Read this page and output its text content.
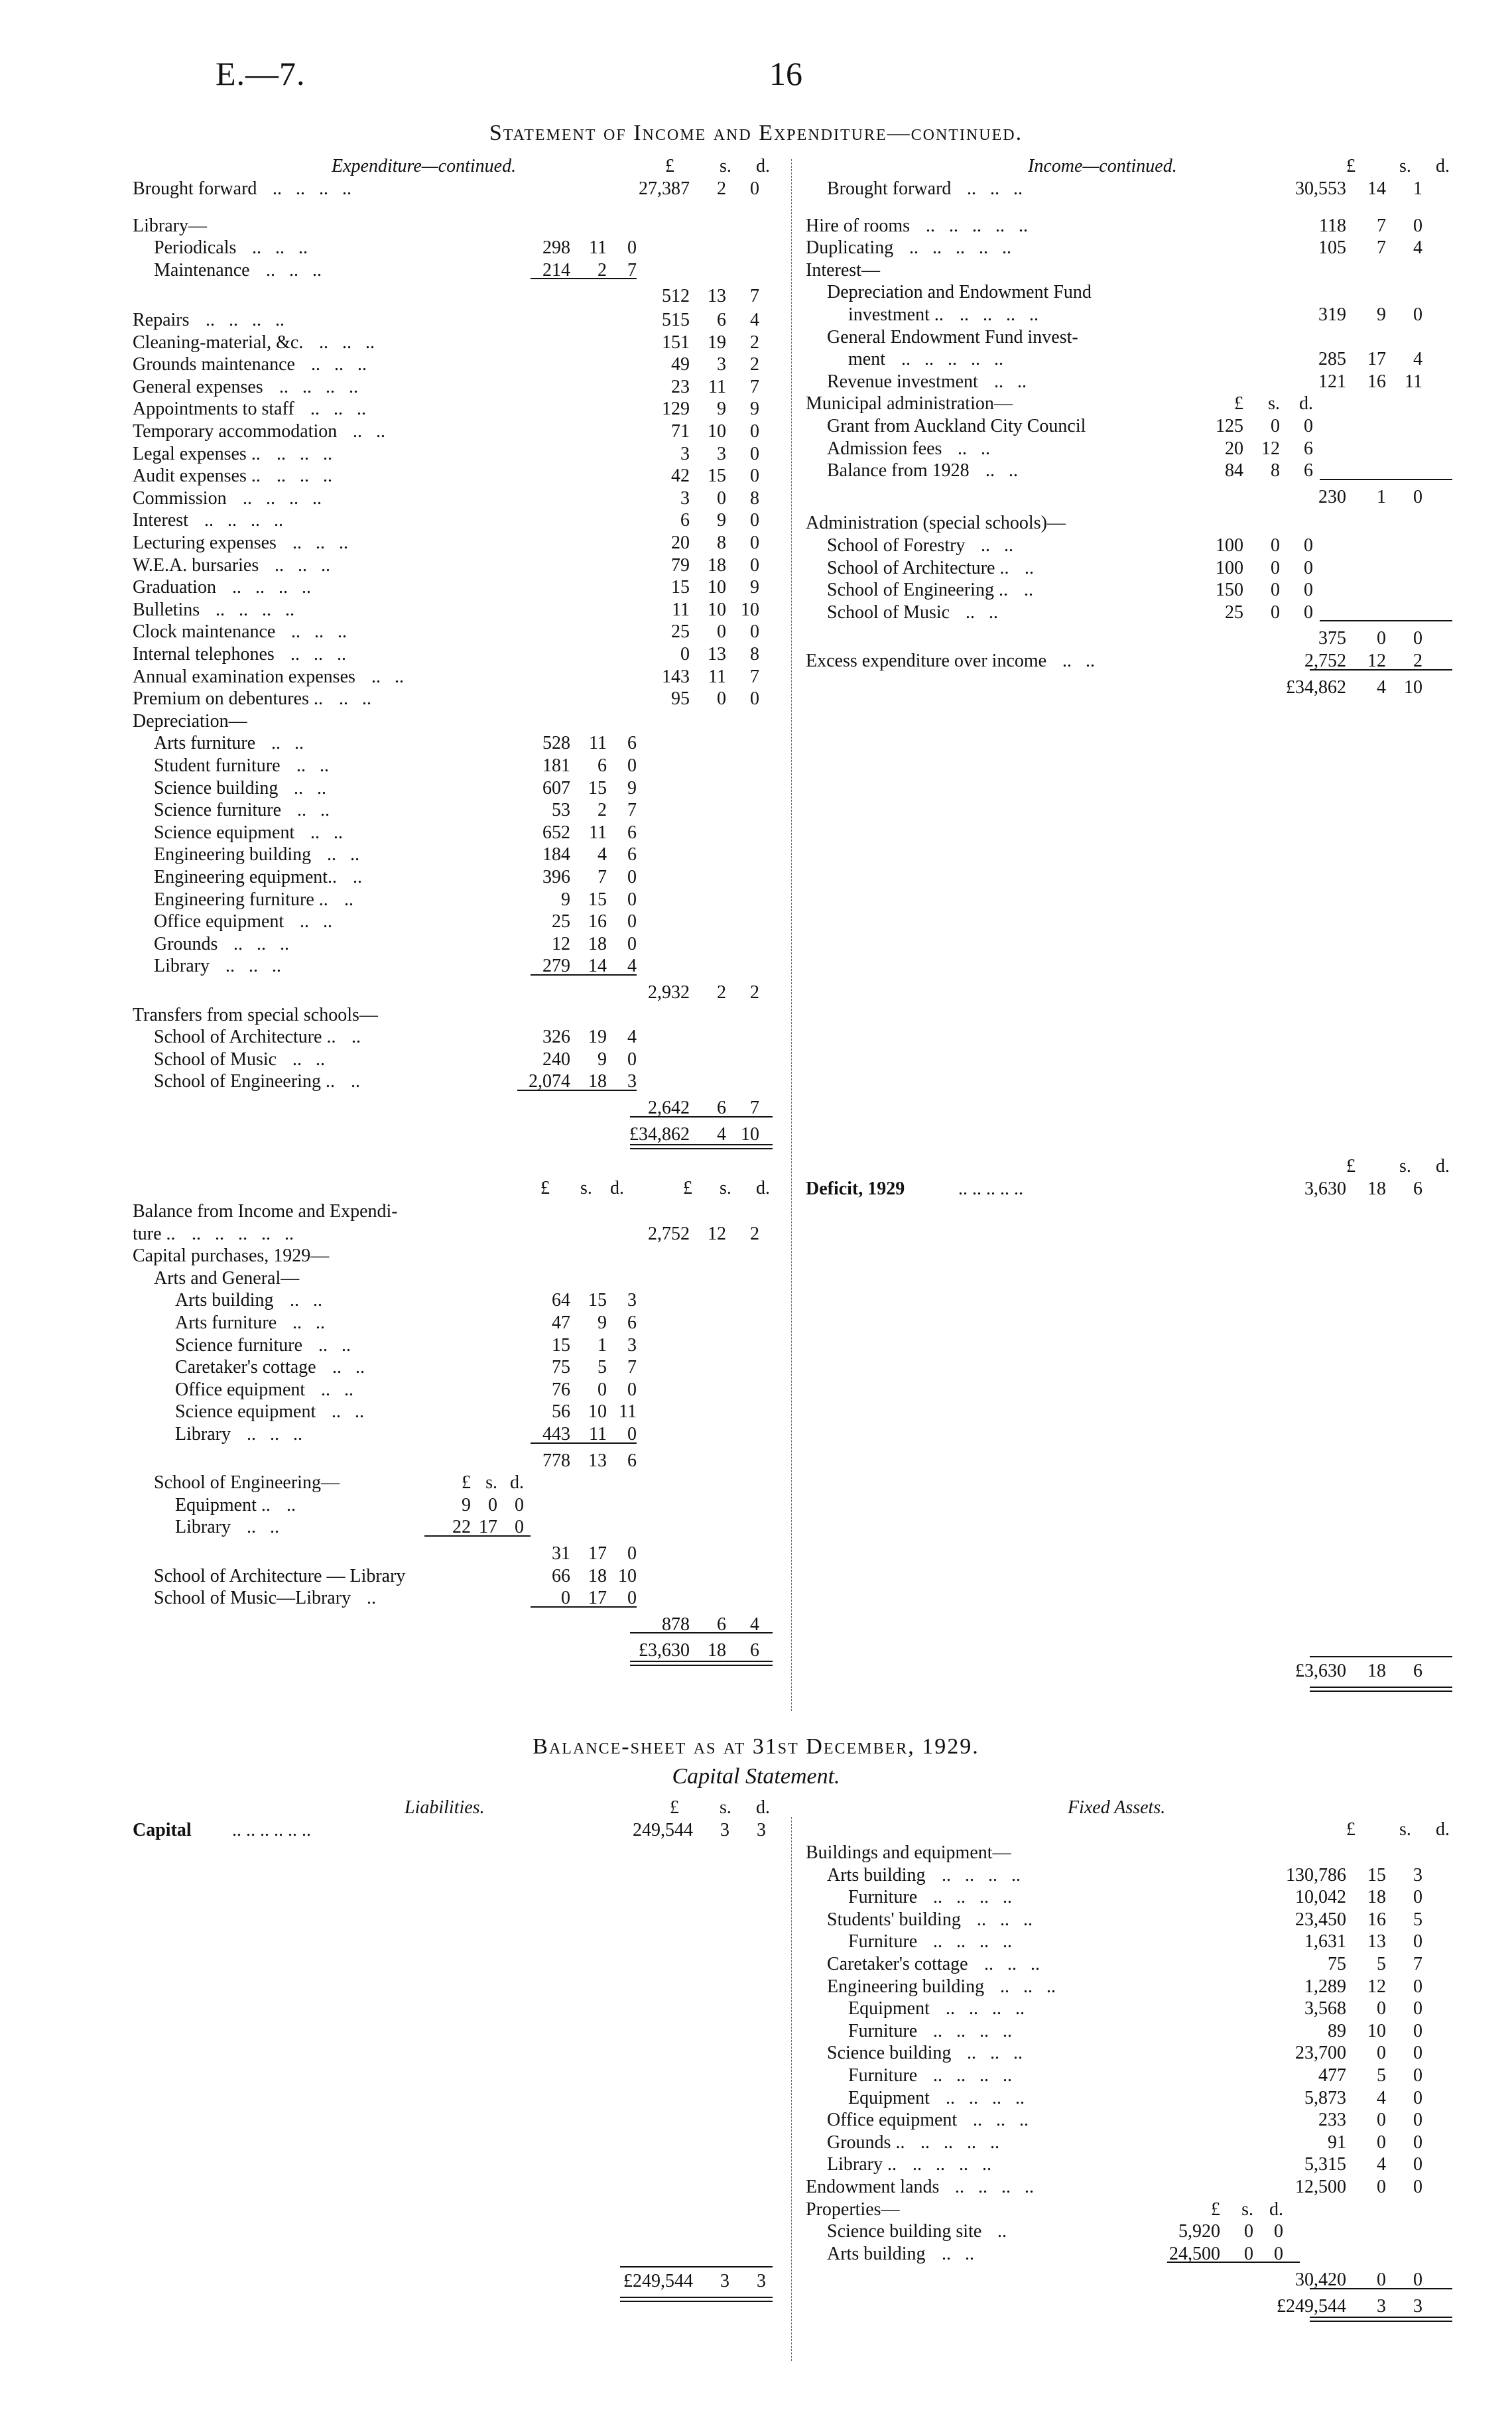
E.—7.	16
Statement of Income and Expenditure—continued.
Expenditure—continued.	£ s. d.	Income—continued.	£ s. d.
Brought forward ..   ..   ..   ..	27,387	2	0
Library—
Periodicals ..   ..   ..	298	11	0
Maintenance ..   ..   ..	214	2	7
512 13	7
Repairs ..   ..   ..   ..	515	6	4
Cleaning-material, &c. ..   ..   ..	151 19	2
Grounds maintenance ..   ..   ..	49	3	2
General expenses ..   ..   ..   ..	23	11	7
Appointments to staff ..   ..   ..	129	9	9
Temporary accommodation ..   ..	71 10	0
Legal expenses .. ..   ..   ..	3	3	0
Audit expenses .. ..   ..   ..	42 15	0
Commission ..   ..   ..   ..	3	0	8
Interest ..   ..   ..   ..	6	9	0
Lecturing expenses ..   ..   ..	20	8	0
W.E.A. bursaries ..   ..   ..	79 18	0
Graduation ..   ..   ..   ..	15 10	9
Bulletins ..   ..   ..   ..	11 10 10
Clock maintenance ..   ..   ..	25	0	0
Internal telephones ..   ..   ..	0 13	8
Annual examination expenses ..   ..	143	11	7
Premium on debentures .. ..   ..	95	0	0
Depreciation—
Arts furniture ..   ..	528	11	6
Student furniture ..   ..	181	6	0
Science building ..   ..	607 15	9
Science furniture ..   ..	53	2	7
Science equipment ..   ..	652	11	6
Engineering building ..   ..	184	4	6
Engineering equipment.. ..	396	7	0
Engineering furniture .. ..	9 15	0
Office equipment ..   ..	25 16	0
Grounds ..   ..   ..	12 18	0
Library ..   ..   ..	279 14	4
2,932	2	2
Transfers from special schools—
School of Architecture .. ..	326 19	4
School of Music ..   ..	240	9	0
School of Engineering .. ..	2,074 18	3
2,642	6	7
£34,862	4 10
Brought forward ..   ..   ..	30,553	14	1
Hire of rooms ..   ..   ..   ..   ..	118	7	0
Duplicating ..   ..   ..   ..   ..	105	7	4
Interest—
Depreciation and Endowment Fund
investment .. ..   ..   ..   ..	319	9	0
General Endowment Fund invest-
ment ..   ..   ..   ..   ..	285	17	4
Revenue investment ..   ..	121	16	11
Municipal administration—	£	s.	d.
Grant from Auckland City Council	125	0	0
Admission fees ..   ..	20 12	6
Balance from 1928 ..   ..	84	8	6
230	1	0
Administration (special schools)—
School of Forestry ..   ..	100	0	0
School of Architecture .. ..	100	0	0
School of Engineering .. ..	150	0	0
School of Music ..   ..	25	0	0
375	0	0
Excess expenditure over income ..   ..	2,752	12	2
£34,862	4 10
£ s. d.	£ s. d.
Balance from Income and Expendi-
ture .. ..   ..   ..   ..   ..	2,752 12	2
Capital purchases, 1929—
Arts and General—
Arts building ..   ..	64 15	3
Arts furniture ..   ..	47	9	6
Science furniture ..   ..	15	1	3
Caretaker's cottage ..   ..	75	5	7
Office equipment ..   ..	76	0	0
Science equipment ..   ..	56 10 11
Library ..   ..   ..	443	11	0
778 13	6
School of Engineering—	£ s. d.
Equipment .. ..	9 0 0
Library ..   ..	22 17 0
31 17	0
School of Architecture — Library	66 18 10
School of Music—Library ..	0 17	0
878	6	4
£3,630 18	6
£ s. d.
Deficit, 1929	.. .. .. .. ..	3,630	18	6
£3,630	18	6
Balance-sheet as at 31st December, 1929.
Capital Statement.
Liabilities.	£ s. d.
Capital .. .. .. .. .. ..	249,544	3	3
£249,544	3	3
Fixed Assets.
£ s. d.
Buildings and equipment—
Arts building ..   ..   ..   ..	130,786	15	3
Furniture ..   ..   ..   ..	10,042	18	0
Students' building ..   ..   ..	23,450	16	5
Furniture ..   ..   ..   ..	1,631	13	0
Caretaker's cottage ..   ..   ..	75	5	7
Engineering building ..   ..   ..	1,289	12	0
Equipment ..   ..   ..   ..	3,568	0	0
Furniture ..   ..   ..   ..	89	10	0
Science building ..   ..   ..	23,700	0	0
Furniture ..   ..   ..   ..	477	5	0
Equipment ..   ..   ..   ..	5,873	4	0
Office equipment ..   ..   ..	233	0	0
Grounds .. ..   ..   ..   ..	91	0	0
Library .. ..   ..   ..   ..	5,315	4	0
Endowment lands ..   ..   ..   ..	12,500	0	0
Properties—	£	s. d.
Science building site ..	5,920	0	0
Arts building ..   ..	24,500	0	0
30,420	0	0
£249,544	3	3
